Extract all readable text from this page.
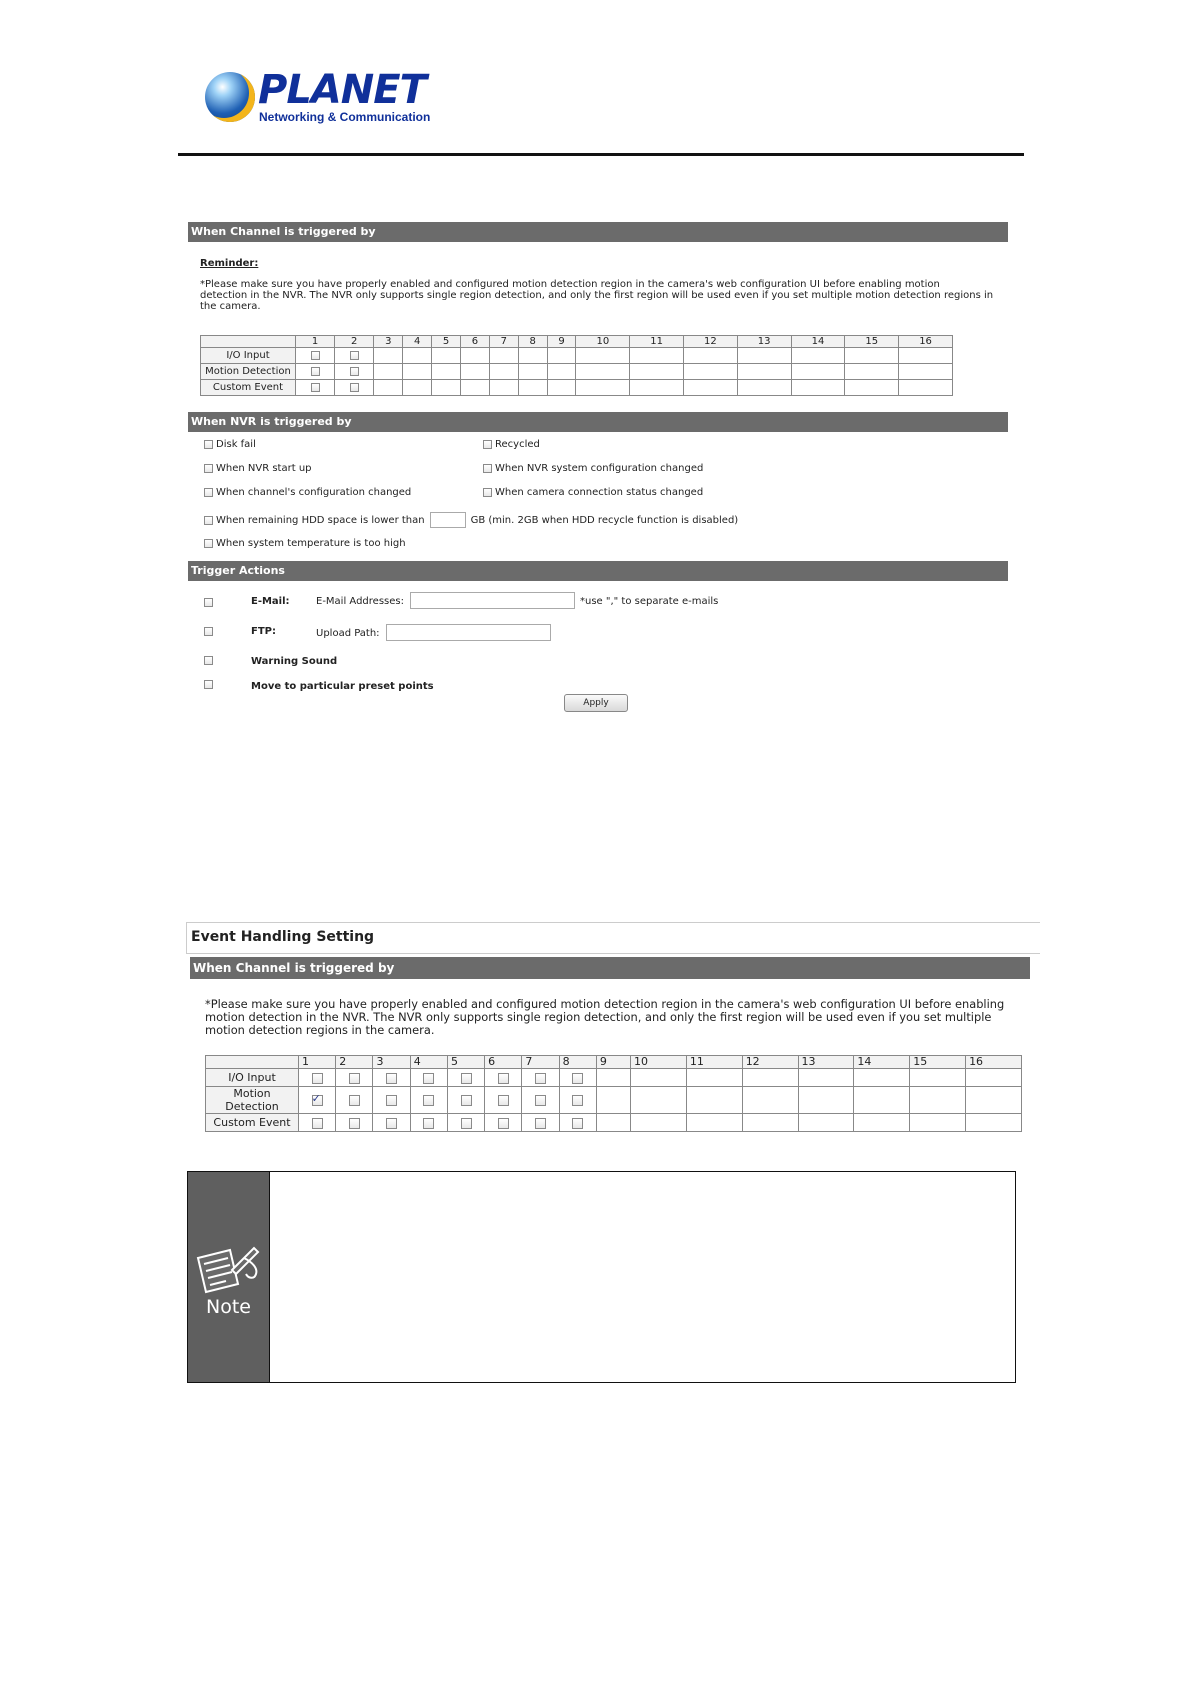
PLANET
Networking & Communication
When Channel is triggered by
Reminder:
*Please make sure you have properly enabled and configured motion detection region in the camera's web configuration UI before enabling motion
detection in the NVR. The NVR only supports single region detection, and only the first region will be used even if you set multiple motion detection regions in
the camera.
	1	2	3	4	5	6	7	8	9	10	11	12	13	14	15	16
I/O Input																
Motion Detection																
Custom Event																
When NVR is triggered by
Disk fail
When NVR start up
When channel's configuration changed
Recycled
When NVR system configuration changed
When camera connection status changed
When remaining HDD space is lower than	GB (min. 2GB when HDD recycle function is disabled)
When system temperature is too high
Trigger Actions
E-Mail:	E-Mail Addresses:	*use "," to separate e-mails
FTP:	Upload Path:
Warning Sound
Move to particular preset points
Apply
Event Handling Setting
When Channel is triggered by
*Please make sure you have properly enabled and configured motion detection region in the camera's web configuration UI before enabling
motion detection in the NVR. The NVR only supports single region detection, and only the first region will be used even if you set multiple
motion detection regions in the camera.
	1	2	3	4	5	6	7	8	9	10	11	12	13	14	15	16
I/O Input																
Motion Detection	✓															
Custom Event																
Note
